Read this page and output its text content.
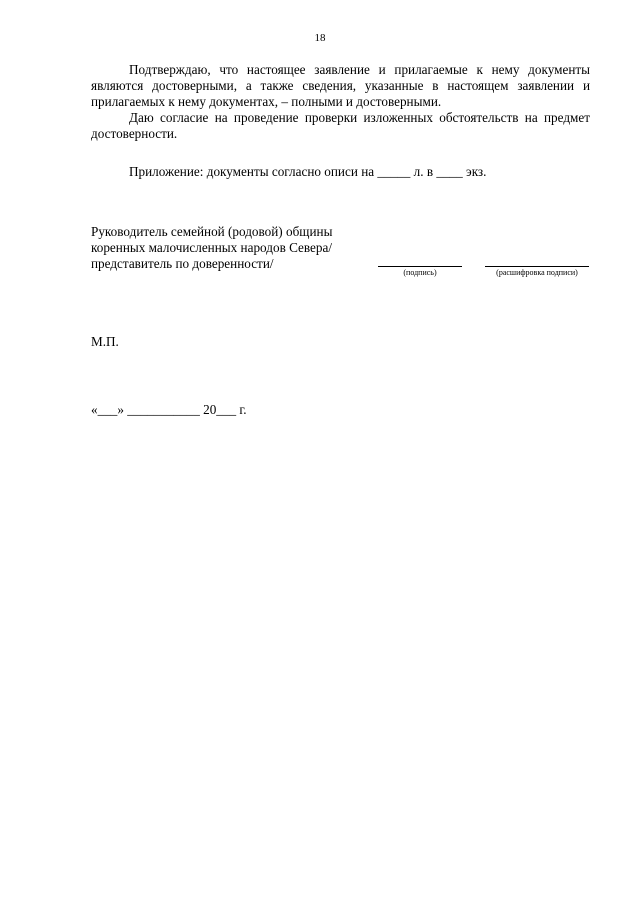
18

Подтверждаю, что настоящее заявление и прилагаемые к нему документы являются достоверными, а также сведения, указанные в настоящем заявлении и прилагаемых к нему документах, – полными и достоверными.

Даю согласие на проведение проверки изложенных обстоятельств на предмет достоверности.

Приложение: документы согласно описи на _____ л. в ____ экз.

Руководитель семейной (родовой) общины
коренных малочисленных народов Севера/
представитель по доверенности/
(подпись)	(расшифровка подписи)
М.П.
«___» ___________ 20___ г.
